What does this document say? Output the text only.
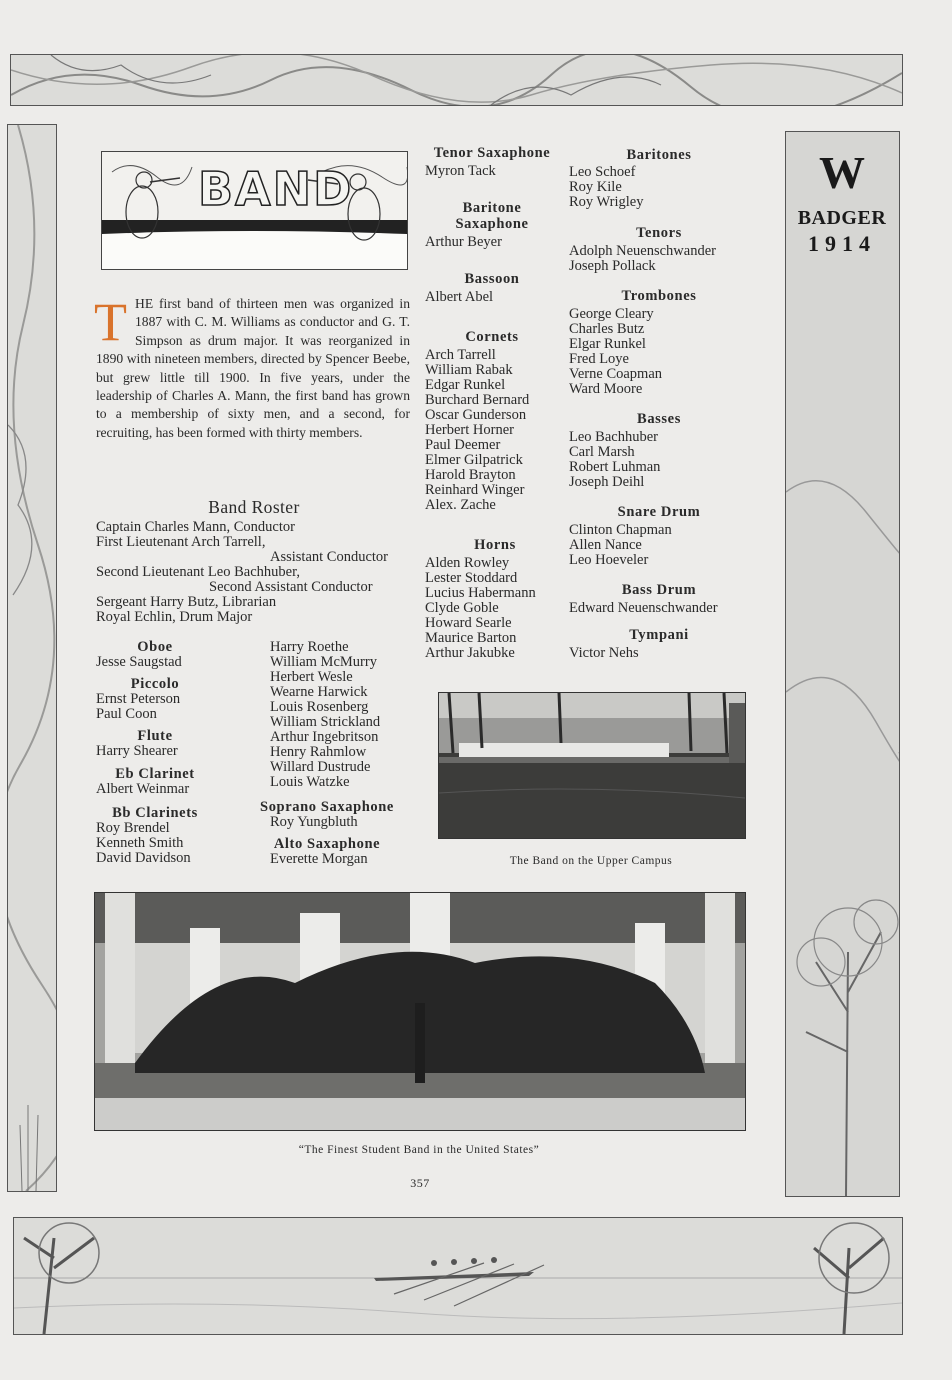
W
BADGER
1914
BAND
T HE first band of thirteen men was organized in 1887 with C. M. Williams as conductor and G. T. Simpson as drum major. It was reorganized in 1890 with nineteen members, directed by Spencer Beebe, but grew little till 1900. In five years, under the leadership of Charles A. Mann, the first band has grown to a membership of sixty men, and a second, for recruiting, has been formed with thirty members.
Band Roster
Captain Charles Mann, Conductor
First Lieutenant Arch Tarrell,
Assistant Conductor
Second Lieutenant Leo Bachhuber,
Second Assistant Conductor
Sergeant Harry Butz, Librarian
Royal Echlin, Drum Major
Oboe
Jesse Saugstad
Piccolo
Ernst Peterson
Paul Coon
Flute
Harry Shearer
Eb Clarinet
Albert Weinmar
Bb Clarinets
Roy Brendel
Kenneth Smith
David Davidson
Harry Roethe
William McMurry
Herbert Wesle
Wearne Harwick
Louis Rosenberg
William Strickland
Arthur Ingebritson
Henry Rahmlow
Willard Dustrude
Louis Watzke
Soprano Saxaphone
Roy Yungbluth
Alto Saxaphone
Everette Morgan
Tenor Saxaphone
Myron Tack
Baritone
Saxaphone
Arthur Beyer
Bassoon
Albert Abel
Cornets
Arch Tarrell
William Rabak
Edgar Runkel
Burchard Bernard
Oscar Gunderson
Herbert Horner
Paul Deemer
Elmer Gilpatrick
Harold Brayton
Reinhard Winger
Alex. Zache
Horns
Alden Rowley
Lester Stoddard
Lucius Habermann
Clyde Goble
Howard Searle
Maurice Barton
Arthur Jakubke
Baritones
Leo Schoef
Roy Kile
Roy Wrigley
Tenors
Adolph Neuenschwander
Joseph Pollack
Trombones
George Cleary
Charles Butz
Elgar Runkel
Fred Loye
Verne Coapman
Ward Moore
Basses
Leo Bachhuber
Carl Marsh
Robert Luhman
Joseph Deihl
Snare Drum
Clinton Chapman
Allen Nance
Leo Hoeveler
Bass Drum
Edward Neuenschwander
Tympani
Victor Nehs
The Band on the Upper Campus
“The Finest Student Band in the United States”
357
